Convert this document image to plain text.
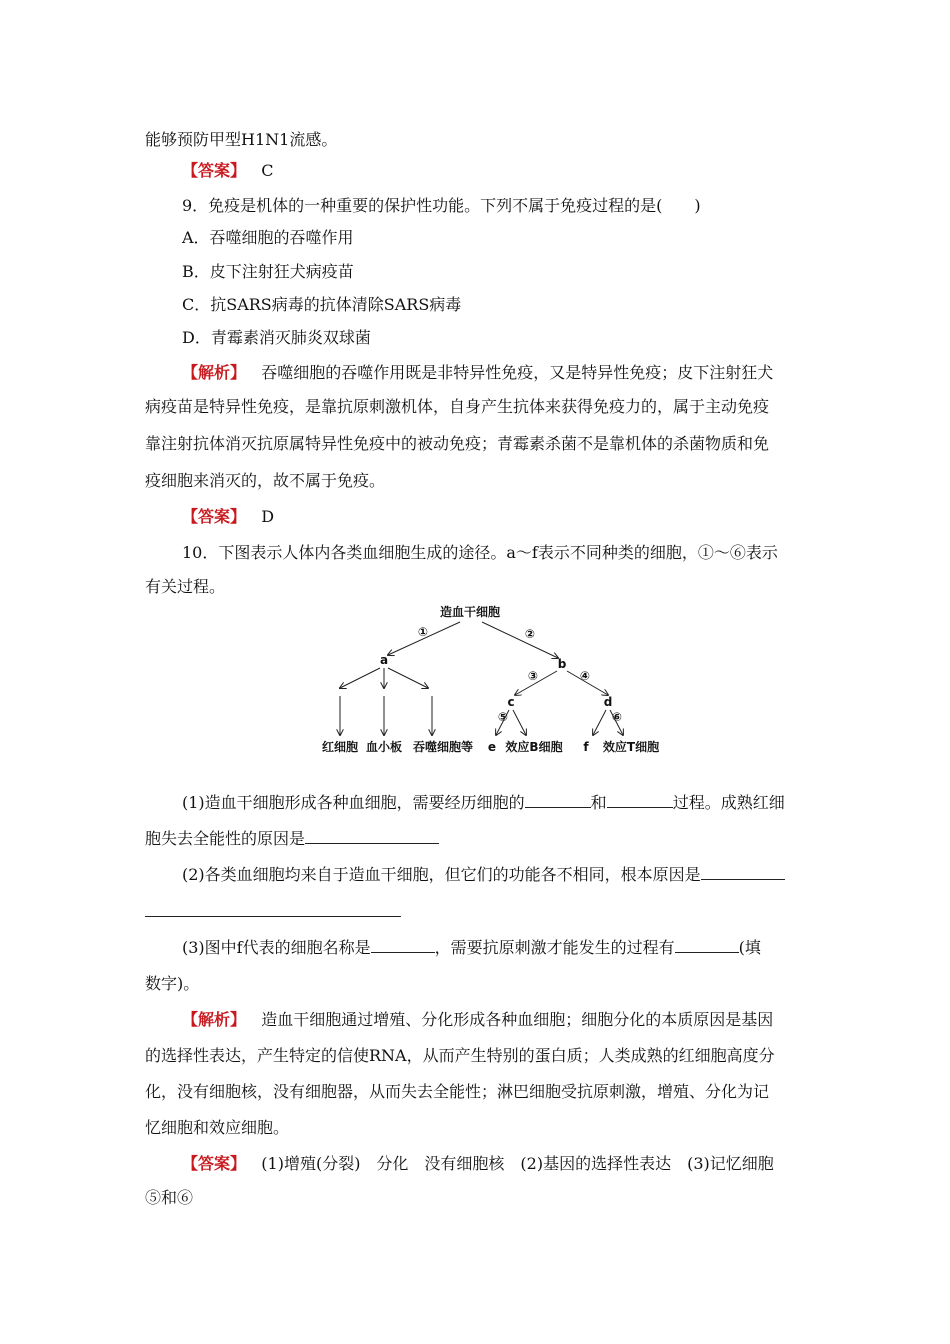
能够预防甲型H1N1流感。
【答案】 C
9．免疫是机体的一种重要的保护性功能。下列不属于免疫过程的是(　　)
A．吞噬细胞的吞噬作用
B．皮下注射狂犬病疫苗
C．抗SARS病毒的抗体清除SARS病毒
D．青霉素消灭肺炎双球菌
【解析】 吞噬细胞的吞噬作用既是非特异性免疫，又是特异性免疫；皮下注射狂犬
病疫苗是特异性免疫，是靠抗原刺激机体，自身产生抗体来获得免疫力的，属于主动免疫
靠注射抗体消灭抗原属特异性免疫中的被动免疫；青霉素杀菌不是靠机体的杀菌物质和免
疫细胞来消灭的，故不属于免疫。
【答案】 D
10．下图表示人体内各类血细胞生成的途径。a～f表示不同种类的细胞，①～⑥表示
有关过程。
造血干细胞
①	②
a	b
③	④
c	d
⑤	⑥
红细胞 血小板 吞噬细胞等 e 效应B细胞 f 效应T细胞
(1)造血干细胞形成各种血细胞，需要经历细胞的	和	过程。成熟红细
胞失去全能性的原因是
(2)各类血细胞均来自于造血干细胞，但它们的功能各不相同，根本原因是
(3)图中f代表的细胞名称是	，需要抗原刺激才能发生的过程有	(填
数字)。
【解析】 造血干细胞通过增殖、分化形成各种血细胞；细胞分化的本质原因是基因
的选择性表达，产生特定的信使RNA，从而产生特别的蛋白质；人类成熟的红细胞高度分
化，没有细胞核，没有细胞器，从而失去全能性；淋巴细胞受抗原刺激，增殖、分化为记
忆细胞和效应细胞。
【答案】 (1)增殖(分裂)　分化　没有细胞核　(2)基因的选择性表达　(3)记忆细胞
⑤和⑥
